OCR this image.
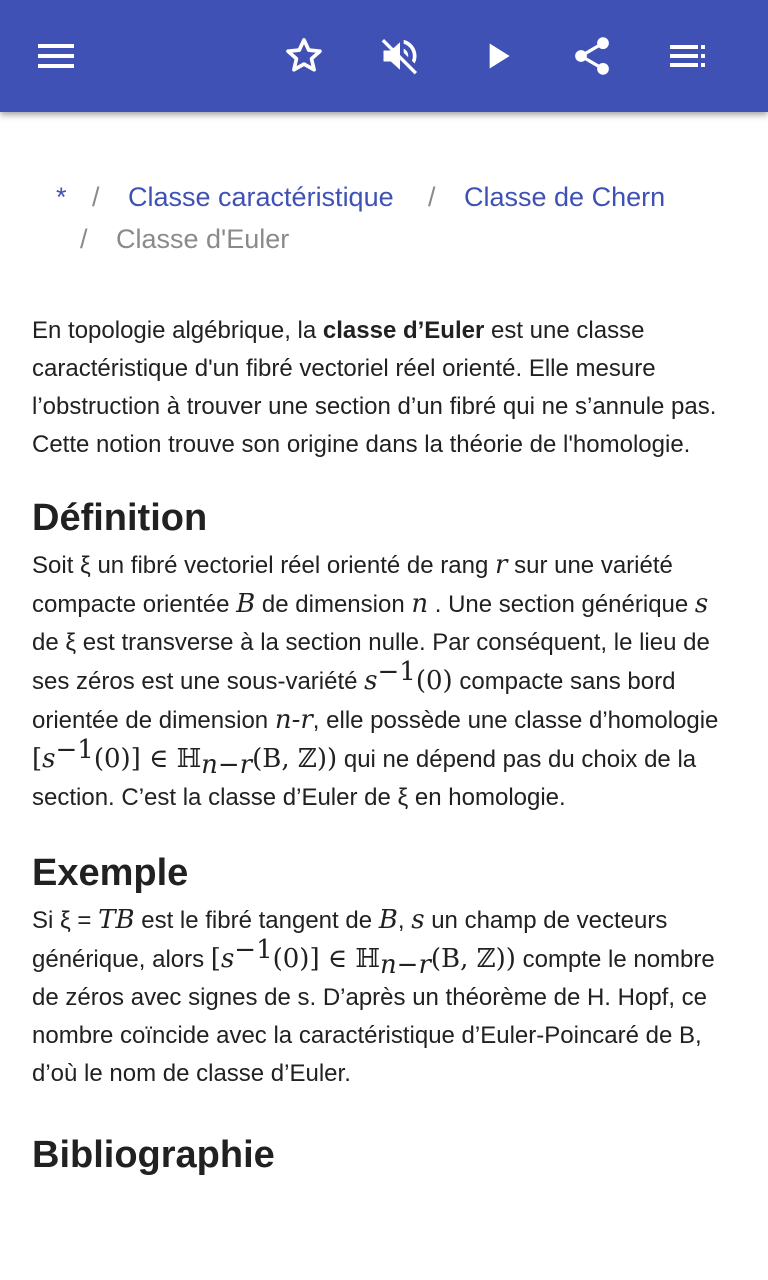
* / Classe caractéristique / Classe de Chern
/ Classe d'Euler

En topologie algébrique, la classe d’Euler est une classe caractéristique d'un fibré vectoriel réel orienté. Elle mesure l’obstruction à trouver une section d’un fibré qui ne s’annule pas. Cette notion trouve son origine dans la théorie de l'homologie.

Définition

Soit ξ un fibré vectoriel réel orienté de rang r sur une variété compacte orientée B de dimension n . Une section générique s de ξ est transverse à la section nulle. Par conséquent, le lieu de ses zéros est une sous-variété $s^{-1}(0)$ compacte sans bord orientée de dimension n-r, elle possède une classe d’homologie $[s^{-1}(0)]$ ∈ ℍ$_{n-r}$(B, ℤ)) qui ne dépend pas du choix de la section. C’est la classe d’Euler de ξ en homologie.

Exemple

Si ξ = TB est le fibré tangent de B, s un champ de vecteurs générique, alors $[s^{-1}(0)]$ ∈ ℍ$_{n-r}$(B, ℤ)) compte le nombre de zéros avec signes de s. D’après un théorème de H. Hopf, ce nombre coïncide avec la caractéristique d’Euler-Poincaré de B, d’où le nom de classe d’Euler.

Bibliographie
